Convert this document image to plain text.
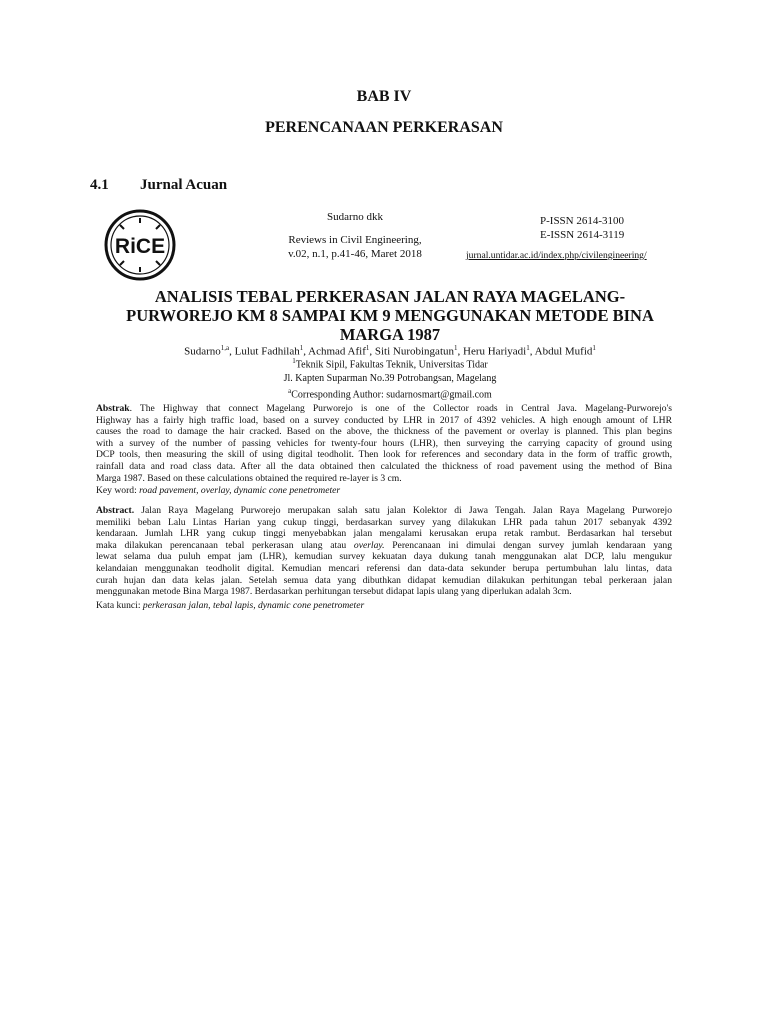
BAB IV
PERENCANAAN PERKERASAN
4.1 Jurnal Acuan
RiCE
Sudarno dkk
Reviews in Civil Engineering,
v.02, n.1, p.41-46, Maret 2018
P-ISSN 2614-3100
E-ISSN 2614-3119
jurnal.untidar.ac.id/index.php/civilengineering/
ANALISIS TEBAL PERKERASAN JALAN RAYA MAGELANG-
PURWOREJO KM 8 SAMPAI KM 9 MENGGUNAKAN METODE BINA
MARGA 1987
Sudarno$^{1,a}$, Lulut Fadhilah$^1$, Achmad Afif$^1$, Siti Nurobingatun$^1$, Heru Hariyadi$^1$, Abdul Mufid$^1$
$^1$Teknik Sipil, Fakultas Teknik, Universitas Tidar
Jl. Kapten Suparman No.39 Potrobangsan, Magelang
$^a$Corresponding Author: sudarnosmart@gmail.com
Abstrak. The Highway that connect Magelang Purworejo is one of the Collector roads in Central Java. Magelang-Purworejo's
Highway has a fairly high traffic load, based on a survey conducted by LHR in 2017 of 4392 vehicles. A high enough amount of LHR
causes the road to damage the hair cracked. Based on the above, the thickness of the pavement or overlay is planned. This plan begins
with a survey of the number of passing vehicles for twenty-four hours (LHR), then surveying the carrying capacity of ground using
DCP tools, then measuring the skill of using digital teodholit. Then look for references and secondary data in the form of traffic growth,
rainfall data and road class data. After all the data obtained then calculated the thickness of road pavement using the method of Bina
Marga 1987. Based on these calculations obtained the required re-layer is 3 cm.
Key word: road pavement, overlay, dynamic cone penetrometer
Abstract. Jalan Raya Magelang Purworejo merupakan salah satu jalan Kolektor di Jawa Tengah. Jalan Raya Magelang Purworejo
memiliki beban Lalu Lintas Harian yang cukup tinggi, berdasarkan survey yang dilakukan LHR pada tahun 2017 sebanyak 4392
kendaraan. Jumlah LHR yang cukup tinggi menyebabkan jalan mengalami kerusakan erupa retak rambut. Berdasarkan hal tersebut
maka dilakukan perencanaan tebal perkerasan ulang atau overlay. Perencanaan ini dimulai dengan survey jumlah kendaraan yang
lewat selama dua puluh empat jam (LHR), kemudian survey kekuatan daya dukung tanah menggunakan alat DCP, lalu mengukur
kelandaian menggunakan teodholit digital. Kemudian mencari referensi dan data-data sekunder berupa pertumbuhan lalu lintas, data
curah hujan dan data kelas jalan. Setelah semua data yang dibuthkan didapat kemudian dilakukan perhitungan tebal perkeraan jalan
menggunakan metode Bina Marga 1987. Berdasarkan perhitungan tersebut didapat lapis ulang yang diperlukan adalah 3cm.
Kata kunci: perkerasan jalan, tebal lapis, dynamic cone penetrometer
